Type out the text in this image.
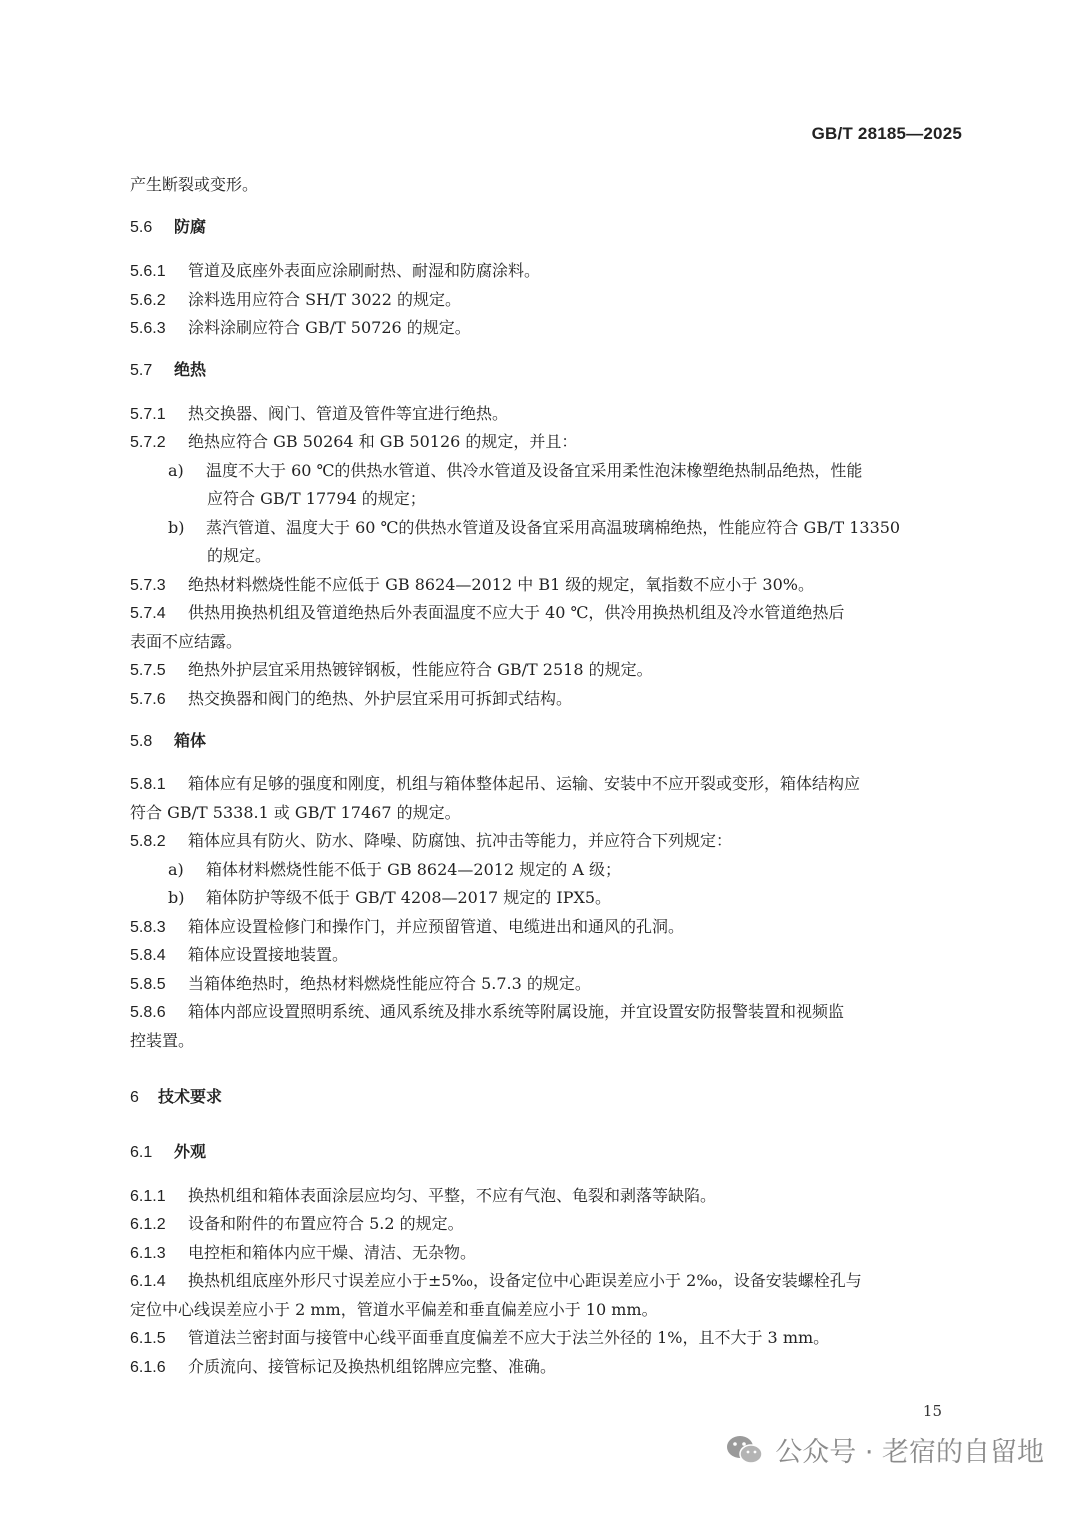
GB/T 28185—2025
产生断裂或变形。
5.6 防腐
5.6.1 管道及底座外表面应涂刷耐热、耐湿和防腐涂料。
5.6.2 涂料选用应符合 SH/T 3022 的规定。
5.6.3 涂料涂刷应符合 GB/T 50726 的规定。
5.7 绝热
5.7.1 热交换器、阀门、管道及管件等宜进行绝热。
5.7.2 绝热应符合 GB 50264 和 GB 50126 的规定，并且：
a) 温度不大于 60 ℃的供热水管道、供冷水管道及设备宜采用柔性泡沫橡塑绝热制品绝热，性能
应符合 GB/T 17794 的规定；
b) 蒸汽管道、温度大于 60 ℃的供热水管道及设备宜采用高温玻璃棉绝热，性能应符合 GB/T 13350
的规定。
5.7.3 绝热材料燃烧性能不应低于 GB 8624—2012 中 B1 级的规定，氧指数不应小于 30%。
5.7.4 供热用换热机组及管道绝热后外表面温度不应大于 40 ℃，供冷用换热机组及冷水管道绝热后
表面不应结露。
5.7.5 绝热外护层宜采用热镀锌钢板，性能应符合 GB/T 2518 的规定。
5.7.6 热交换器和阀门的绝热、外护层宜采用可拆卸式结构。
5.8 箱体
5.8.1 箱体应有足够的强度和刚度，机组与箱体整体起吊、运输、安装中不应开裂或变形，箱体结构应
符合 GB/T 5338.1 或 GB/T 17467 的规定。
5.8.2 箱体应具有防火、防水、降噪、防腐蚀、抗冲击等能力，并应符合下列规定：
a) 箱体材料燃烧性能不低于 GB 8624—2012 规定的 A 级；
b) 箱体防护等级不低于 GB/T 4208—2017 规定的 IPX5。
5.8.3 箱体应设置检修门和操作门，并应预留管道、电缆进出和通风的孔洞。
5.8.4 箱体应设置接地装置。
5.8.5 当箱体绝热时，绝热材料燃烧性能应符合 5.7.3 的规定。
5.8.6 箱体内部应设置照明系统、通风系统及排水系统等附属设施，并宜设置安防报警装置和视频监
控装置。
6 技术要求
6.1 外观
6.1.1 换热机组和箱体表面涂层应均匀、平整，不应有气泡、龟裂和剥落等缺陷。
6.1.2 设备和附件的布置应符合 5.2 的规定。
6.1.3 电控柜和箱体内应干燥、清洁、无杂物。
6.1.4 换热机组底座外形尺寸误差应小于±5‰，设备定位中心距误差应小于 2‰，设备安装螺栓孔与
定位中心线误差应小于 2 mm，管道水平偏差和垂直偏差应小于 10 mm。
6.1.5 管道法兰密封面与接管中心线平面垂直度偏差不应大于法兰外径的 1%，且不大于 3 mm。
6.1.6 介质流向、接管标记及换热机组铭牌应完整、准确。
15
公众号 · 老宿的自留地
